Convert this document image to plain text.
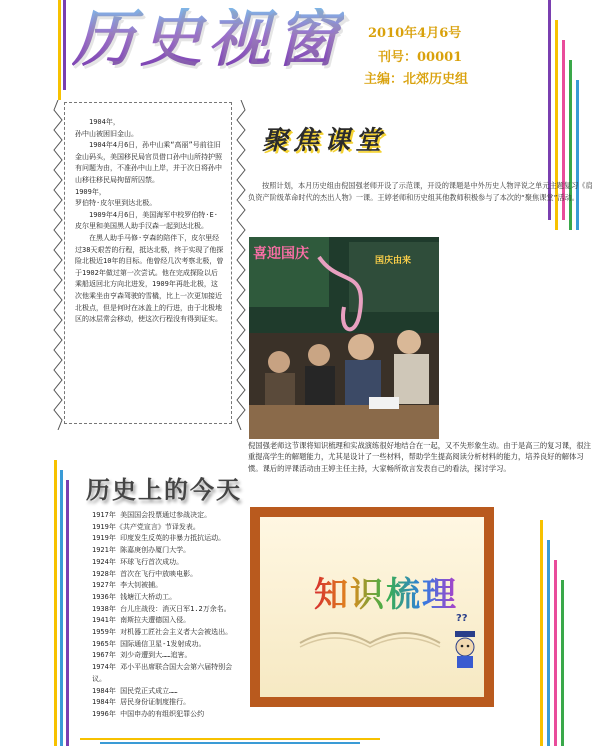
历史视窗 2010年4月6号
刊号：00001
主编：北郊历史组

1904年，

孙中山被困旧金山。

1904年4月6日，孙中山乘“高丽”号前往旧金山码头，美国移民局官员借口孙中山所持护照有问题为由，不准孙中山上岸，并于次日将孙中山移往移民局拘留所囚禁。

1909年，

罗伯特·皮尔里到达北极。

1909年4月6日，美国海军中校罗伯特·E·皮尔里和美国黑人助手汉森一起到达北极。

在黑人助手马修·亨森的陪伴下，皮尔里经过38天艰苦的行程，抵达北极，终于实现了他探险北极近10年的目标。他曾经几次考察北极，曾于1902年做过第一次尝试。他在完成探险以后乘船返回北方向北进发，1909年再赴北极，这次他乘坐由亨森驾驶的雪橇，比上一次更加接近北极点，但是何时在冰盖上的行进，由于北极地区的冰层常会移动，使这次行程没有得到证实。

聚焦课堂
按照计划，本月历史组由倪国强老师开设了示范课，开设的课题是中外历史人物评说之单元主题复习《肩负资产阶级革命时代的杰出人物》一课。王婷老师和历史组其他教师积极参与了本次的“聚焦课堂”活动。
喜迎国庆	国庆由来
倪国强老师这节课将知识梳理和实战演练很好地结合在一起，又不失形象生动。由于是高三的复习课，很注重提高学生的解题能力，尤其是设计了一些材料，帮助学生提高阅读分析材料的能力，培养良好的解体习惯。课后的评课活动由王婷主任主持，大家畅所欲言发表自己的看法，探讨学习。
知识梳理
??
历史上的今天
1917年 美国国会投票通过参战决定。
1919年《共产党宣言》节译发表。
1919年 印度发生反英的非暴力抵抗运动。
1921年 陈嘉庚创办厦门大学。
1924年 环球飞行首次成功。
1928年 首次在飞行中放映电影。
1927年 李大钊被捕。
1936年 钱塘江大桥动工。
1938年 台儿庄战役：消灭日军1.2万余名。
1941年 南斯拉夫遭德国入侵。
1959年 对机器工匠社会主义者大会被选出。
1965年 国际通信卫星-1发射成功。
1967年 刘少奇遭到大……追害。
1974年 邓小平出席联合国大会第六届特别会议。
1984年 国民党正式成立……
1984年 居民身份证制度推行。
1996年 中国申办的有组织犯罪公约
